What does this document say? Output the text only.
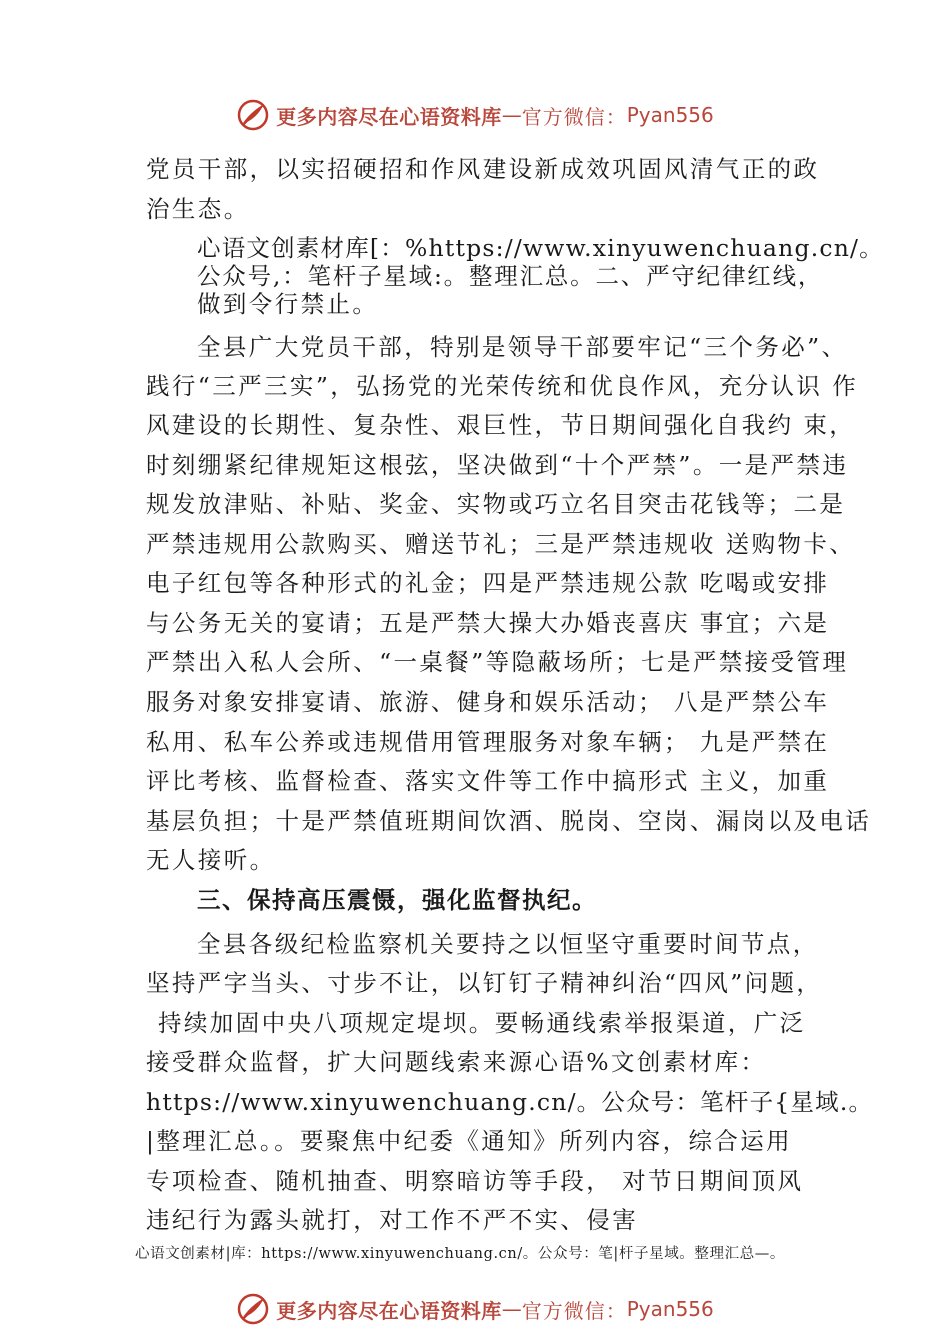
更多内容尽在心语资料库 — 官方微信： Pyan556
党员干部，以实招硬招和作风建设新成效巩固风清气正的政
治生态。
心语文创素材库[：%https://www.xinyuwenchuang.cn/。
公众号,：笔杆子星域:。整理汇总。二、严守纪律红线，
做到令行禁止。
全县广大党员干部，特别是领导干部要牢记“三个务必”、
践行“三严三实”，弘扬党的光荣传统和优良作风，充分认识 作
风建设的长期性、复杂性、艰巨性，节日期间强化自我约 束，
时刻绷紧纪律规矩这根弦，坚决做到“十个严禁”。一是严禁违
规发放津贴、补贴、奖金、实物或巧立名目突击花钱等；二是
严禁违规用公款购买、赠送节礼；三是严禁违规收 送购物卡、
电子红包等各种形式的礼金；四是严禁违规公款 吃喝或安排
与公务无关的宴请；五是严禁大操大办婚丧喜庆 事宜；六是
严禁出入私人会所、“一桌餐”等隐蔽场所；七是严禁接受管理
服务对象安排宴请、旅游、健身和娱乐活动； 八是严禁公车
私用、私车公养或违规借用管理服务对象车辆； 九是严禁在
评比考核、监督检查、落实文件等工作中搞形式 主义，加重
基层负担；十是严禁值班期间饮酒、脱岗、空岗、漏岗以及电话
无人接听。
三、保持高压震慑，强化监督执纪。
全县各级纪检监察机关要持之以恒坚守重要时间节点，
坚持严字当头、寸步不让，以钉钉子精神纠治“四风”问题，
持续加固中央八项规定堤坝。要畅通线索举报渠道，广泛
接受群众监督，扩大问题线索来源心语%文创素材库：
https://www.xinyuwenchuang.cn/。公众号：笔杆子{星域.。
|整理汇总。。要聚焦中纪委《通知》所列内容，综合运用
专项检查、随机抽查、明察暗访等手段， 对节日期间顶风
违纪行为露头就打，对工作不严不实、侵害
心语文创素材|库：https://www.xinyuwenchuang.cn/。公众号：笔|杆子星域。整理汇总—。
更多内容尽在心语资料库 — 官方微信： Pyan556
